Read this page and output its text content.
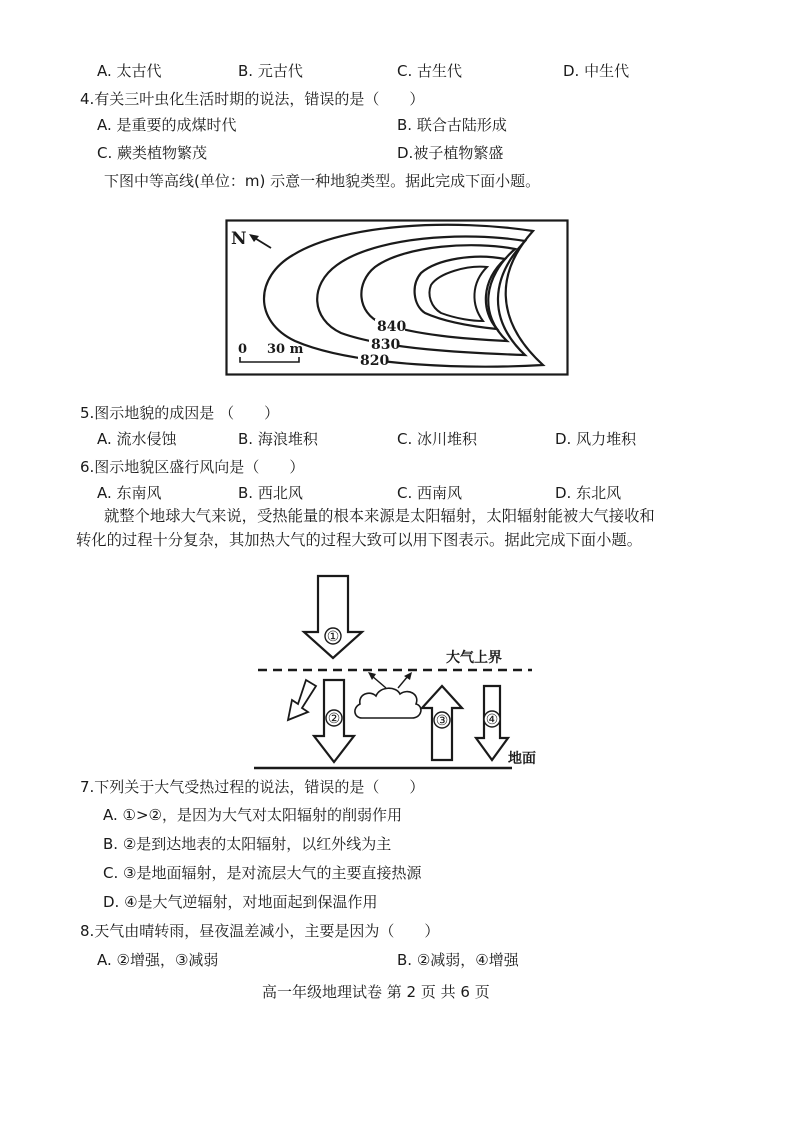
A. 太古代	B. 元古代	C. 古生代	D. 中生代
4.有关三叶虫化生活时期的说法，错误的是（　　）
A. 是重要的成煤时代	B. 联合古陆形成
C. 蕨类植物繁茂	D.被子植物繁盛
下图中等高线(单位：m) 示意一种地貌类型。据此完成下面小题。
N
0 30 m
840
830
820
5.图示地貌的成因是 （　　）
A. 流水侵蚀	B. 海浪堆积	C. 冰川堆积	D. 风力堆积
6.图示地貌区盛行风向是（　　）
A. 东南风	B. 西北风	C. 西南风	D. 东北风
就整个地球大气来说，受热能量的根本来源是太阳辐射，太阳辐射能被大气接收和
转化的过程十分复杂，其加热大气的过程大致可以用下图表示。据此完成下面小题。
①
大气上界
②	③	④
地面
7.下列关于大气受热过程的说法，错误的是（　　）
A. ①>②，是因为大气对太阳辐射的削弱作用
B. ②是到达地表的太阳辐射，以红外线为主
C. ③是地面辐射，是对流层大气的主要直接热源
D. ④是大气逆辐射，对地面起到保温作用
8.天气由晴转雨，昼夜温差减小，主要是因为（　　）
A. ②增强，③减弱	B. ②减弱，④增强
高一年级地理试卷 第 2 页 共 6 页
